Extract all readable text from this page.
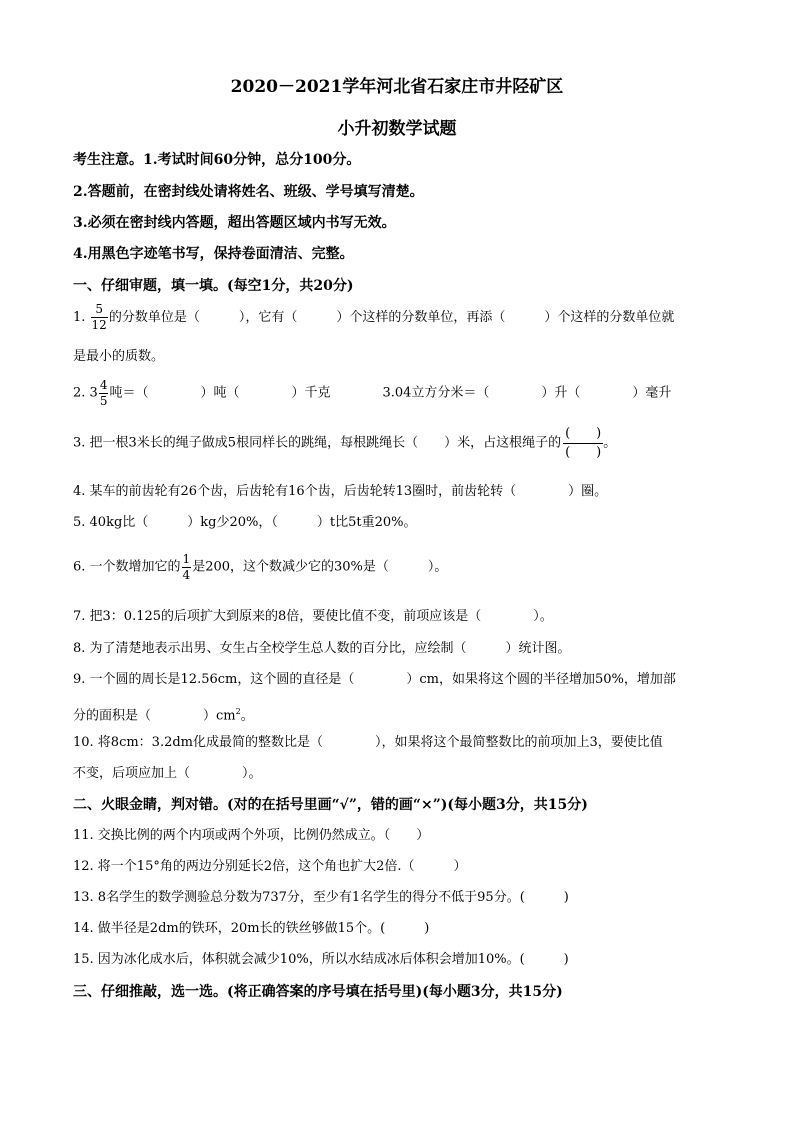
2020－2021学年河北省石家庄市井陉矿区
小升初数学试题
考生注意。1.考试时间60分钟，总分100分。
2.答题前，在密封线处请将姓名、班级、学号填写清楚。
3.必须在密封线内答题，超出答题区域内书写无效。
4.用黑色字迹笔书写，保持卷面清洁、完整。
一、仔细审题，填一填。(每空1分，共20分)
1. $\frac{5}{12}$ 的分数单位是（　　　），它有（　　　）个这样的分数单位，再添（　　　）个这样的分数单位就
是最小的质数。
2. $3 \frac{4}{5}$ 吨＝（　　　　）吨（　　　　）千克　　　　3.04立方分米＝（　　　　）升（　　　　）毫升
3. 把一根3米长的绳子做成5根同样长的跳绳，每根跳绳长（　　）米，占这根绳子的 $\frac{( )}{( )}$ 。
4. 某车的前齿轮有26个齿，后齿轮有16个齿，后齿轮转13圈时，前齿轮转（　　　　）圈。
5. 40kg比（　　　）kg少20%，（　　　）t比5t重20%。
6. 一个数增加它的 $\frac{1}{4}$ 是200，这个数减少它的30%是（　　　）。
7. 把3：0.125的后项扩大到原来的8倍，要使比值不变，前项应该是（　　　　）。
8. 为了清楚地表示出男、女生占全校学生总人数的百分比，应绘制（　　　）统计图。
9. 一个圆的周长是12.56cm，这个圆的直径是（　　　　）cm，如果将这个圆的半径增加50%，增加部
分的面积是（　　　　）$cm^2$。
10. 将8cm：3.2dm化成最简的整数比是（　　　　），如果将这个最简整数比的前项加上3，要使比值
不变，后项应加上（　　　　）。
二、火眼金睛，判对错。(对的在括号里画“√”，错的画“×”)(每小题3分，共15分)
11. 交换比例的两个内项或两个外项，比例仍然成立。（　　）
12. 将一个15°角的两边分别延长2倍，这个角也扩大2倍.（　　　）
13. 8名学生的数学测验总分数为737分，至少有1名学生的得分不低于95分。(　　　)
14. 做半径是2dm的铁环，20m长的铁丝够做15个。(　　　)
15. 因为冰化成水后，体积就会减少10%，所以水结成冰后体积会增加10%。(　　　)
三、仔细推敲，选一选。(将正确答案的序号填在括号里)(每小题3分，共15分)
